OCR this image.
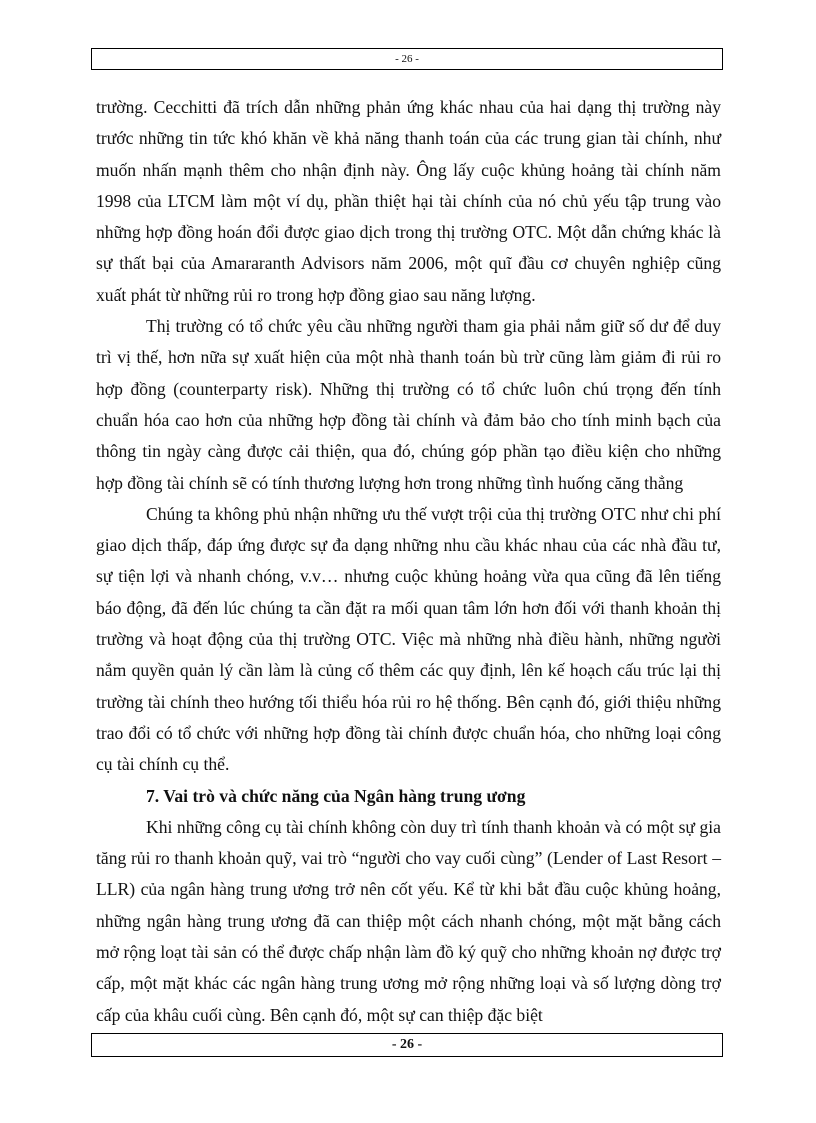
- 26 -

trường. Cecchitti đã trích dẫn những phản ứng khác nhau của hai dạng thị trường này trước những tin tức khó khăn về khả năng thanh toán của các trung gian tài chính, như muốn nhấn mạnh thêm cho nhận định này. Ông lấy cuộc khủng hoảng tài chính năm 1998 của LTCM làm một ví dụ, phần thiệt hại tài chính của nó chủ yếu tập trung vào những hợp đồng hoán đổi được giao dịch trong thị trường OTC. Một dẫn chứng khác là sự thất bại của Amararanth Advisors năm 2006, một quĩ đầu cơ chuyên nghiệp cũng xuất phát từ những rủi ro trong hợp đồng giao sau năng lượng.

Thị trường có tổ chức yêu cầu những người tham gia phải nắm giữ số dư để duy trì vị thế, hơn nữa sự xuất hiện của một nhà thanh toán bù trừ cũng làm giảm đi rủi ro hợp đồng (counterparty risk). Những thị trường có tổ chức luôn chú trọng đến tính chuẩn hóa cao hơn của những hợp đồng tài chính và đảm bảo cho tính minh bạch của thông tin ngày càng được cải thiện, qua đó, chúng góp phần tạo điều kiện cho những hợp đồng tài chính sẽ có tính thương lượng hơn trong những tình huống căng thẳng

Chúng ta không phủ nhận những ưu thế vượt trội của thị trường OTC như chi phí giao dịch thấp, đáp ứng được sự đa dạng những nhu cầu khác nhau của các nhà đầu tư, sự tiện lợi và nhanh chóng, v.v… nhưng cuộc khủng hoảng vừa qua cũng đã lên tiếng báo động, đã đến lúc chúng ta cần đặt ra mối quan tâm lớn hơn đối với thanh khoản thị trường và hoạt động của thị trường OTC. Việc mà những nhà điều hành, những người nắm quyền quản lý cần làm là củng cố thêm các quy định, lên kế hoạch cấu trúc lại thị trường tài chính theo hướng tối thiểu hóa rủi ro hệ thống. Bên cạnh đó, giới thiệu những trao đổi có tổ chức với những hợp đồng tài chính được chuẩn hóa, cho những loại công cụ tài chính cụ thể.

7. Vai trò và chức năng của Ngân hàng trung ương

Khi những công cụ tài chính không còn duy trì tính thanh khoản và có một sự gia tăng rủi ro thanh khoản quỹ, vai trò “người cho vay cuối cùng” (Lender of Last Resort – LLR) của ngân hàng trung ương trở nên cốt yếu. Kể từ khi bắt đầu cuộc khủng hoảng, những ngân hàng trung ương đã can thiệp một cách nhanh chóng, một mặt bằng cách mở rộng loạt tài sản có thể được chấp nhận làm đồ ký quỹ cho những khoản nợ được trợ cấp, một mặt khác các ngân hàng trung ương mở rộng những loại và số lượng dòng trợ cấp của khâu cuối cùng. Bên cạnh đó, một sự can thiệp đặc biệt

- 26 -
